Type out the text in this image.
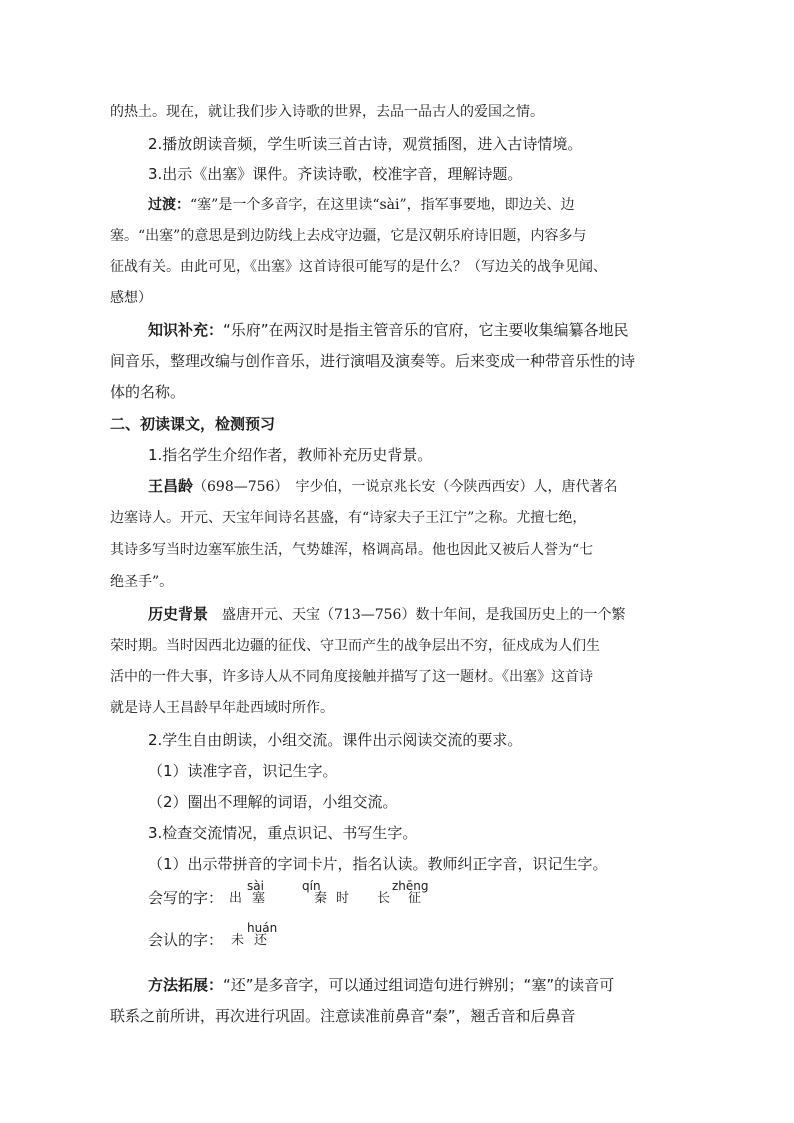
的热土。现在，就让我们步入诗歌的世界，去品一品古人的爱国之情。
2.播放朗读音频，学生听读三首古诗，观赏插图，进入古诗情境。
3.出示《出塞》课件。齐读诗歌，校准字音，理解诗题。
过渡：“塞”是一个多音字，在这里读“sài”，指军事要地，即边关、边
塞。“出塞”的意思是到边防线上去戍守边疆，它是汉朝乐府诗旧题，内容多与
征战有关。由此可见，《出塞》这首诗很可能写的是什么？（写边关的战争见闻、
感想）
知识补充：“乐府”在两汉时是指主管音乐的官府，它主要收集编纂各地民
间音乐，整理改编与创作音乐，进行演唱及演奏等。后来变成一种带音乐性的诗
体的名称。
二、初读课文，检测预习
1.指名学生介绍作者，教师补充历史背景。
王昌龄（698—756）　宇少伯，一说京兆长安（今陕西西安）人，唐代著名
边塞诗人。开元、天宝年间诗名甚盛，有“诗家夫子王江宁”之称。尤擅七绝，
其诗多写当时边塞军旅生活，气势雄浑，格调高昂。他也因此又被后人誉为“七
绝圣手”。
历史背景　盛唐开元、天宝（713—756）数十年间，是我国历史上的一个繁
荣时期。当时因西北边疆的征伐、守卫而产生的战争层出不穷，征戍成为人们生
活中的一件大事，许多诗人从不同角度接触并描写了这一题材。《出塞》这首诗
就是诗人王昌龄早年赴西域时所作。
2.学生自由朗读，小组交流。课件出示阅读交流的要求。
（1）读准字音，识记生字。
（2）圈出不理解的词语，小组交流。
3.检查交流情况，重点识记、书写生字。
（1）出示带拼音的字词卡片，指名认读。教师纠正字音，识记生字。
会写的字： 出
sài
塞
qín
秦 时 长
zhēng
征
会认的字： 未
huán
还
方法拓展：“还”是多音字，可以通过组词造句进行辨别；“塞”的读音可
联系之前所讲，再次进行巩固。注意读准前鼻音“秦”，翘舌音和后鼻音
